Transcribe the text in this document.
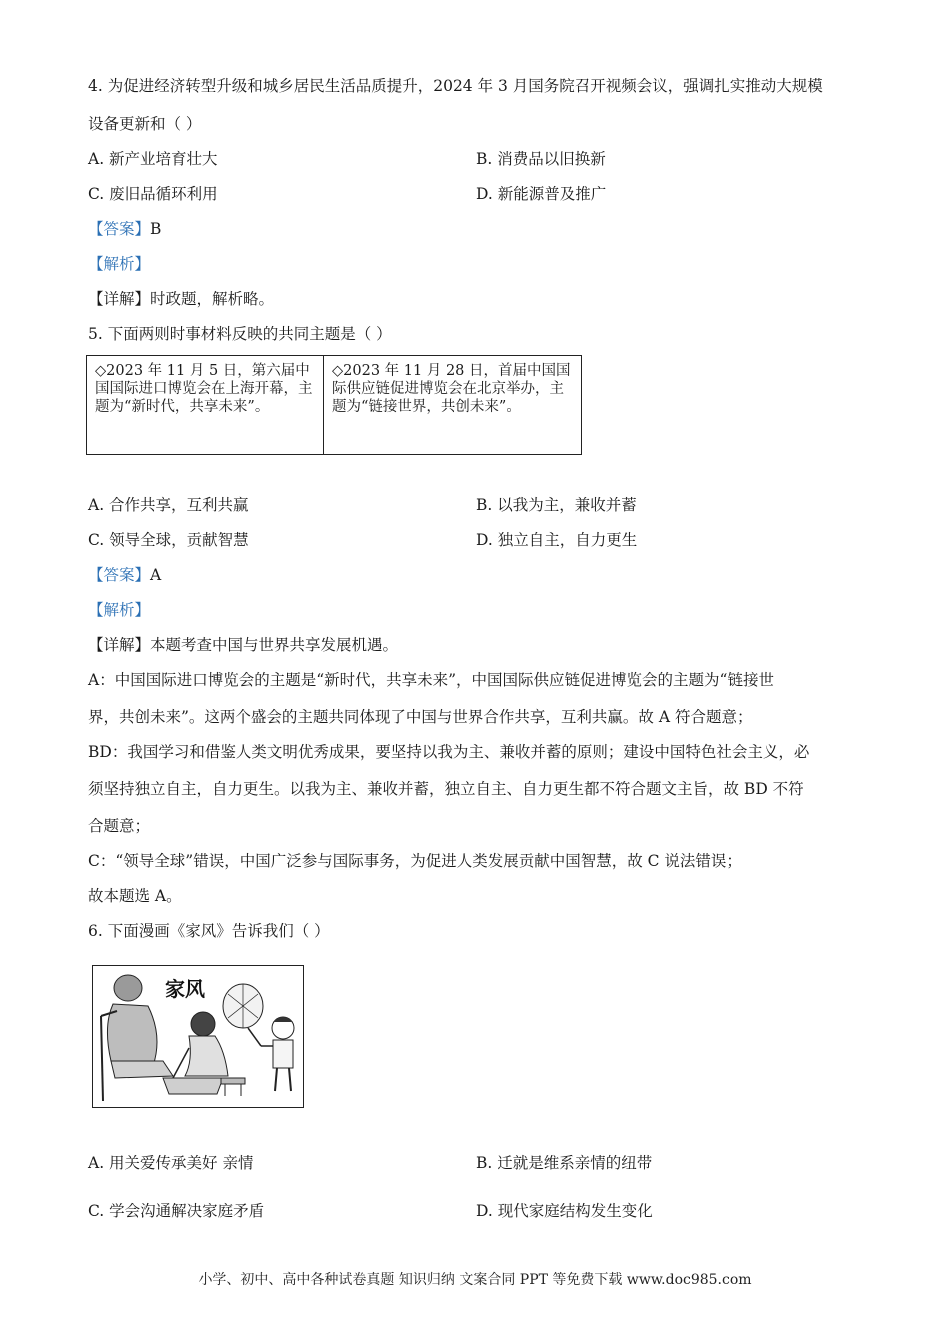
4. 为促进经济转型升级和城乡居民生活品质提升，2024 年 3 月国务院召开视频会议，强调扎实推动大规模
设备更新和（ ）
A. 新产业培育壮大	B. 消费品以旧换新
C. 废旧品循环利用	D. 新能源普及推广
【答案】B
【解析】
【详解】时政题，解析略。
5. 下面两则时事材料反映的共同主题是（ ）
◇2023 年 11 月 5 日，第六届中国国际进口博览会在上海开幕，主题为“新时代，共享未来”。
◇2023 年 11 月 28 日，首届中国国际供应链促进博览会在北京举办，主题为“链接世界，共创未来”。
A. 合作共享，互利共赢	B. 以我为主，兼收并蓄
C. 领导全球，贡献智慧	D. 独立自主，自力更生
【答案】A
【解析】
【详解】本题考查中国与世界共享发展机遇。
A：中国国际进口博览会的主题是“新时代，共享未来”，中国国际供应链促进博览会的主题为“链接世
界，共创未来”。这两个盛会的主题共同体现了中国与世界合作共享，互利共赢。故 A 符合题意；
BD：我国学习和借鉴人类文明优秀成果，要坚持以我为主、兼收并蓄的原则；建设中国特色社会主义，必
须坚持独立自主，自力更生。以我为主、兼收并蓄，独立自主、自力更生都不符合题文主旨，故 BD 不符
合题意；
C：“领导全球”错误，中国广泛参与国际事务，为促进人类发展贡献中国智慧，故 C 说法错误；
故本题选 A。
6. 下面漫画《家风》告诉我们（ ）
家风
A. 用关爱传承美好 亲情	B. 迁就是维系亲情的纽带
C. 学会沟通解决家庭矛盾	D. 现代家庭结构发生变化
小学、初中、高中各种试卷真题 知识归纳 文案合同 PPT 等免费下载 www.doc985.com
